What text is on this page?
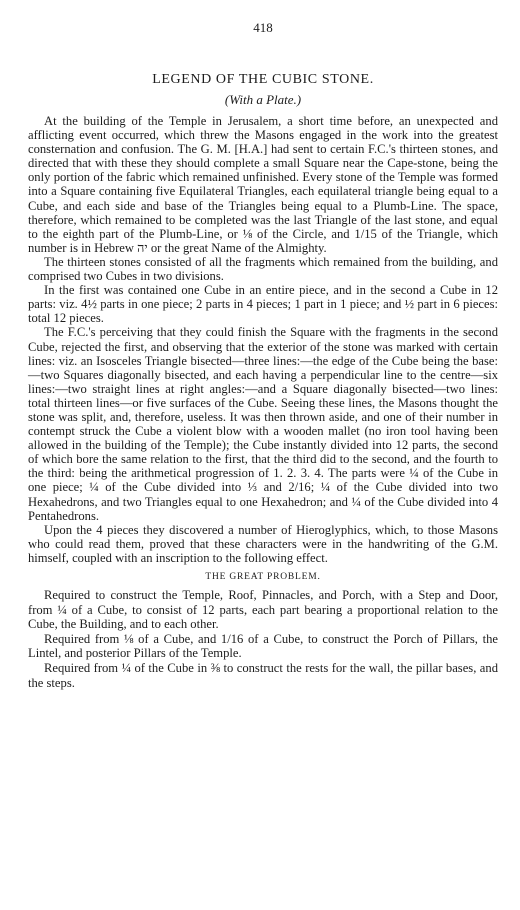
418
LEGEND OF THE CUBIC STONE.
(With a Plate.)

At the building of the Temple in Jerusalem, a short time before, an unexpected and afflicting event occurred, which threw the Masons engaged in the work into the greatest consternation and confusion. The G. M. [H.A.] had sent to certain F.C.'s thirteen stones, and directed that with these they should complete a small Square near the Cape-stone, being the only portion of the fabric which remained unfinished. Every stone of the Temple was formed into a Square containing five Equilateral Triangles, each equilateral triangle being equal to a Cube, and each side and base of the Triangles being equal to a Plumb-Line. The space, therefore, which remained to be completed was the last Triangle of the last stone, and equal to the eighth part of the Plumb-Line, or ⅛ of the Circle, and 1/15 of the Triangle, which number is in Hebrew יה or the great Name of the Almighty.

The thirteen stones consisted of all the fragments which remained from the building, and comprised two Cubes in two divisions.

In the first was contained one Cube in an entire piece, and in the second a Cube in 12 parts: viz. 4½ parts in one piece; 2 parts in 4 pieces; 1 part in 1 piece; and ½ part in 6 pieces: total 12 pieces.

The F.C.'s perceiving that they could finish the Square with the fragments in the second Cube, rejected the first, and observing that the exterior of the stone was marked with certain lines: viz. an Isosceles Triangle bisected—three lines:—the edge of the Cube being the base:—two Squares diagonally bisected, and each having a perpendicular line to the centre—six lines:—two straight lines at right angles:—and a Square diagonally bisected—two lines: total thirteen lines—or five surfaces of the Cube. Seeing these lines, the Masons thought the stone was split, and, therefore, useless. It was then thrown aside, and one of their number in contempt struck the Cube a violent blow with a wooden mallet (no iron tool having been allowed in the building of the Temple); the Cube instantly divided into 12 parts, the second of which bore the same relation to the first, that the third did to the second, and the fourth to the third: being the arithmetical progression of 1. 2. 3. 4. The parts were ¼ of the Cube in one piece; ¼ of the Cube divided into ⅓ and 2/16; ¼ of the Cube divided into two Hexahedrons, and two Triangles equal to one Hexahedron; and ¼ of the Cube divided into 4 Pentahedrons.

Upon the 4 pieces they discovered a number of Hieroglyphics, which, to those Masons who could read them, proved that these characters were in the handwriting of the G.M. himself, coupled with an inscription to the following effect.

THE GREAT PROBLEM.

Required to construct the Temple, Roof, Pinnacles, and Porch, with a Step and Door, from ¼ of a Cube, to consist of 12 parts, each part bearing a proportional relation to the Cube, the Building, and to each other.

Required from ⅛ of a Cube, and 1/16 of a Cube, to construct the Porch of Pillars, the Lintel, and posterior Pillars of the Temple.

Required from ¼ of the Cube in ⅜ to construct the rests for the wall, the pillar bases, and the steps.
